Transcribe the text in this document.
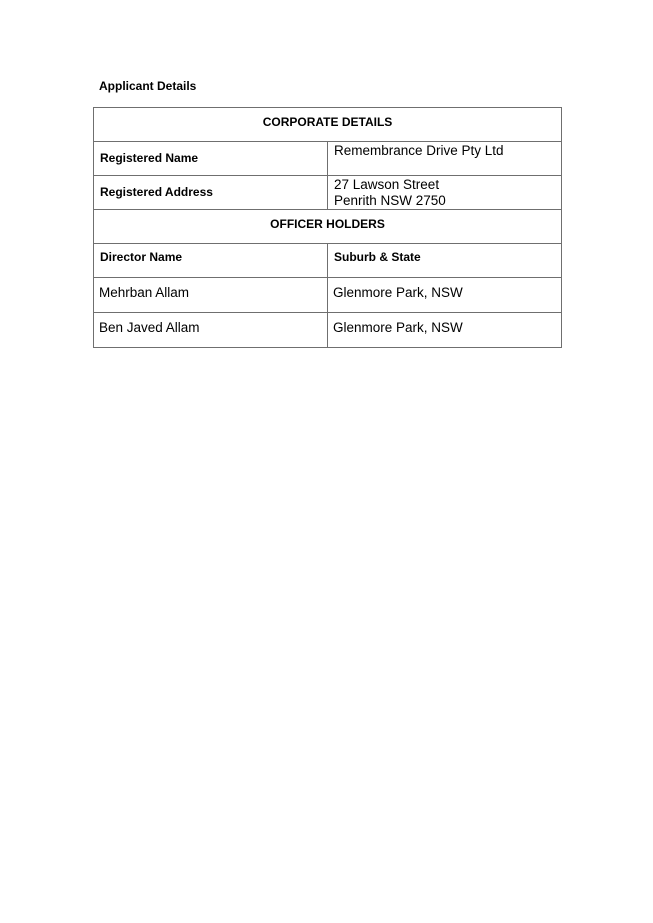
Applicant Details
CORPORATE DETAILS	

Registered Name	Remembrance Drive Pty Ltd

Registered Address	27 Lawson Street
Penrith NSW 2750

OFFICER HOLDERS	

Director Name	Suburb & State

Mehrban Allam	Glenmore Park, NSW

Ben Javed Allam	Glenmore Park, NSW
